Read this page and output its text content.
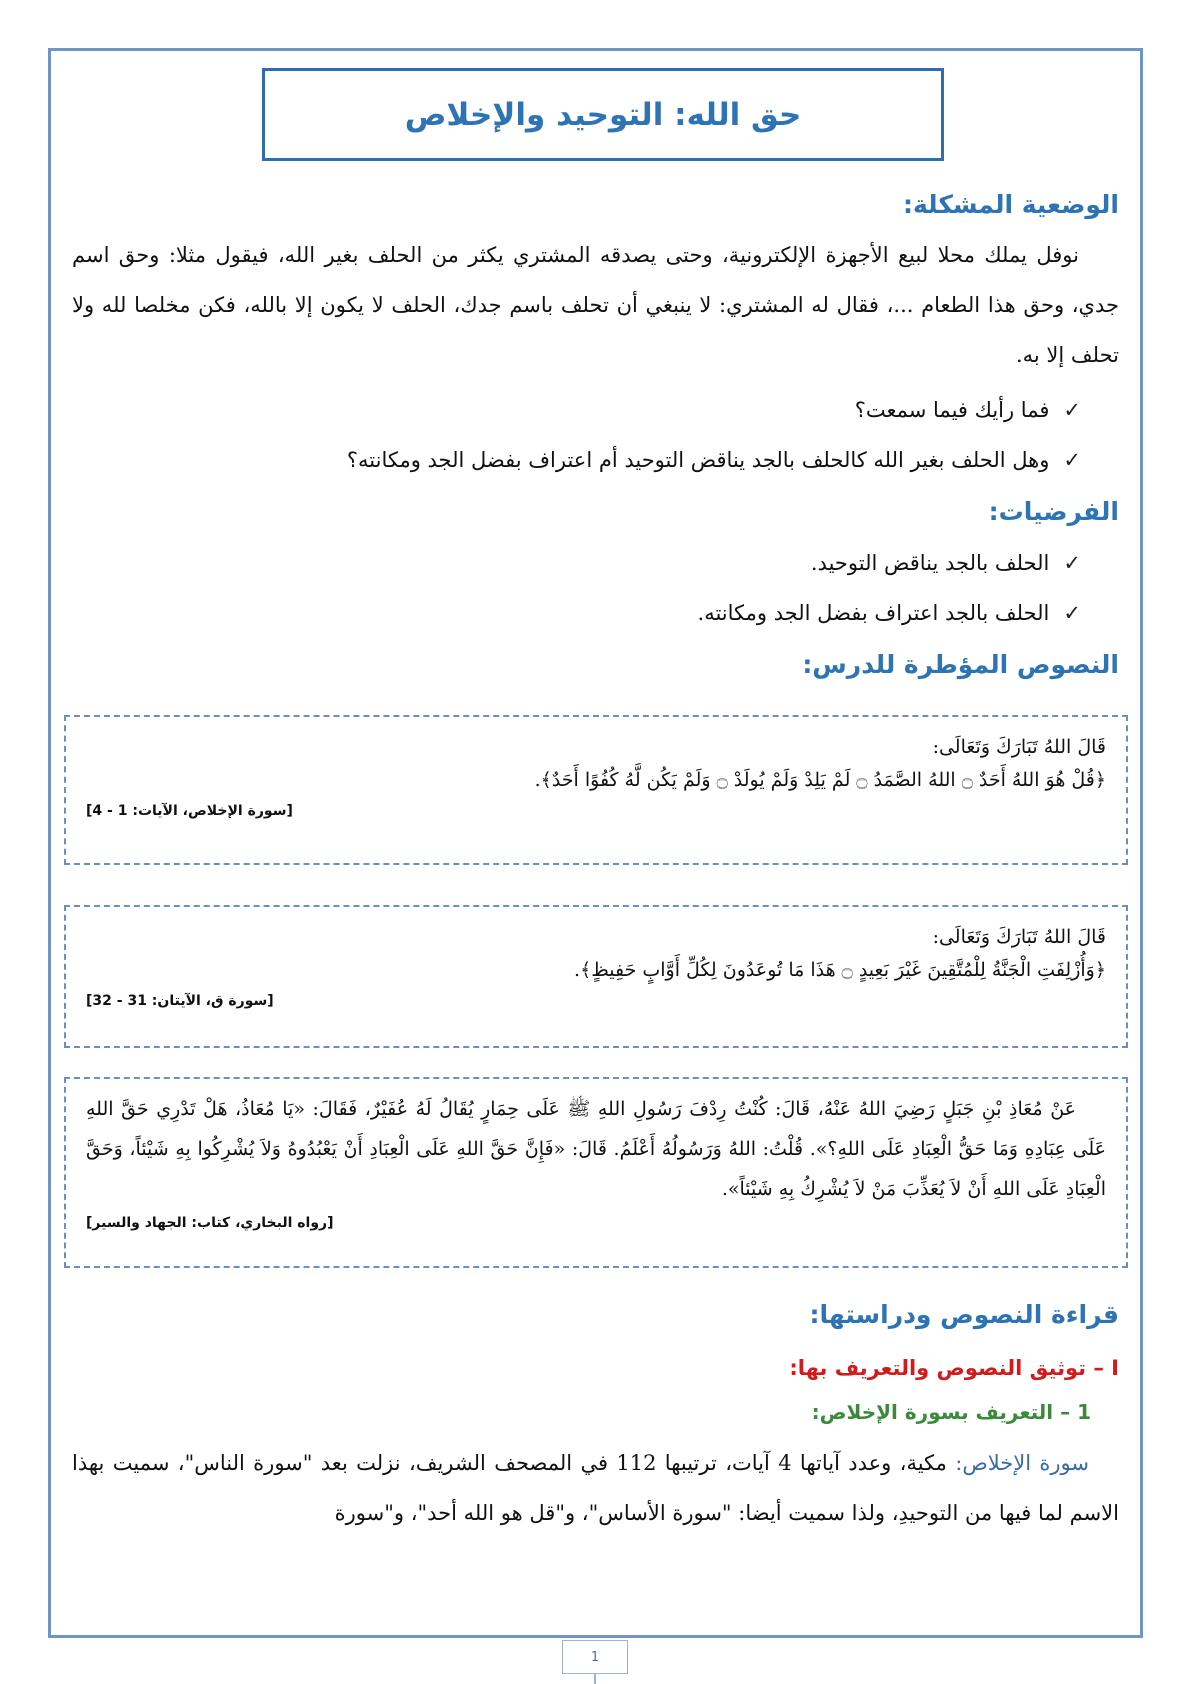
حق الله: التوحيد والإخلاص
الوضعية المشكلة:
نوفل يملك محلا لبيع الأجهزة الإلكترونية، وحتى يصدقه المشتري يكثر من الحلف بغير الله، فيقول مثلا: وحق اسم جدي، وحق هذا الطعام ...، فقال له المشتري: لا ينبغي أن تحلف باسم جدك، الحلف لا يكون إلا بالله، فكن مخلصا لله ولا تحلف إلا به.
✓
فما رأيك فيما سمعت؟
✓
وهل الحلف بغير الله كالحلف بالجد يناقض التوحيد أم اعتراف بفضل الجد ومكانته؟
الفرضيات:
✓
الحلف بالجد يناقض التوحيد.
✓
الحلف بالجد اعتراف بفضل الجد ومكانته.
النصوص المؤطرة للدرس:
قَالَ اللهُ تَبَارَكَ وَتَعَالَى:
﴿قُلْ هُوَ اللهُ أَحَدٌ ۝ اللهُ الصَّمَدُ ۝ لَمْ يَلِدْ وَلَمْ يُولَدْ ۝ وَلَمْ يَكُن لَّهُ كُفُوًا أَحَدٌ﴾.
[سورة الإخلاص، الآيات: 1 - 4]
قَالَ اللهُ تَبَارَكَ وَتَعَالَى:
﴿وَأُزْلِفَتِ الْجَنَّةُ لِلْمُتَّقِينَ غَيْرَ بَعِيدٍ ۝ هَذَا مَا تُوعَدُونَ لِكُلِّ أَوَّابٍ حَفِيظٍ﴾.
[سورة ق، الآيتان: 31 - 32]
عَنْ مُعَاذِ بْنِ جَبَلٍ رَضِيَ اللهُ عَنْهُ، قَالَ: كُنْتُ رِدْفَ رَسُولِ اللهِ ﷺ عَلَى حِمَارٍ يُقَالُ لَهُ عُفَيْرٌ، فَقَالَ: «يَا مُعَاذُ، هَلْ تَدْرِي حَقَّ اللهِ عَلَى عِبَادِهِ وَمَا حَقُّ الْعِبَادِ عَلَى اللهِ؟». قُلْتُ: اللهُ وَرَسُولُهُ أَعْلَمُ. قَالَ: «فَإِنَّ حَقَّ اللهِ عَلَى الْعِبَادِ أَنْ يَعْبُدُوهُ وَلاَ يُشْرِكُوا بِهِ شَيْئاً، وَحَقَّ الْعِبَادِ عَلَى اللهِ أَنْ لاَ يُعَذِّبَ مَنْ لاَ يُشْرِكُ بِهِ شَيْئاً».
[رواه البخاري، كتاب: الجهاد والسير]
قراءة النصوص ودراستها:
I – توثيق النصوص والتعريف بها:
1 – التعريف بسورة الإخلاص:
سورة الإخلاص: مكية، وعدد آياتها 4 آيات، ترتيبها 112 في المصحف الشريف، نزلت بعد "سورة الناس"، سميت بهذا الاسم لما فيها من التوحيدِ، ولذا سميت أيضا: "سورة الأساس"، و"قل هو الله أحد"، و"سورة
1
